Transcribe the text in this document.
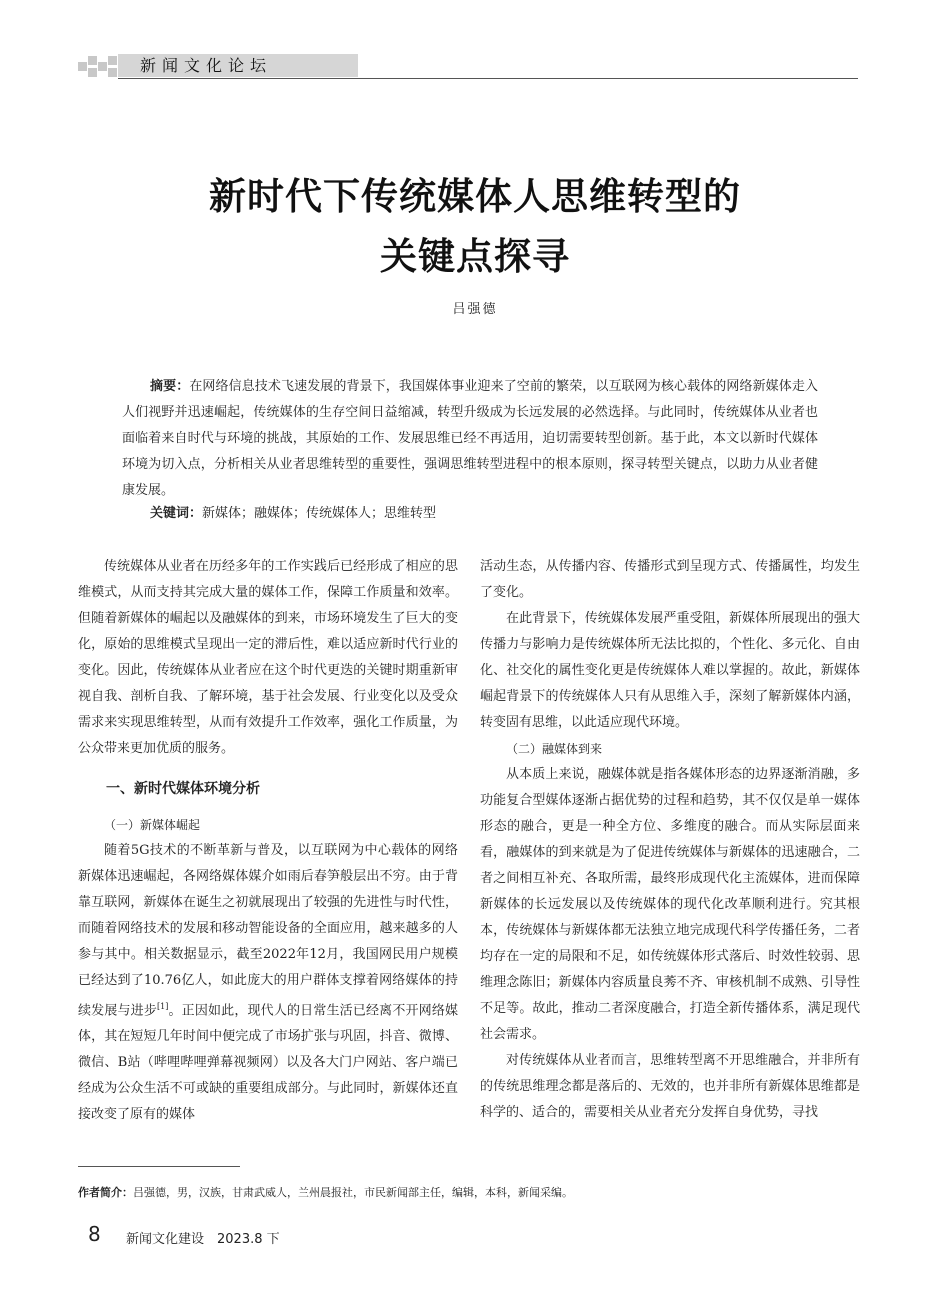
新闻文化论坛
新时代下传统媒体人思维转型的
关键点探寻
吕强德

摘要：在网络信息技术飞速发展的背景下，我国媒体事业迎来了空前的繁荣，以互联网为核心载体的网络新媒体走入人们视野并迅速崛起，传统媒体的生存空间日益缩减，转型升级成为长远发展的必然选择。与此同时，传统媒体从业者也面临着来自时代与环境的挑战，其原始的工作、发展思维已经不再适用，迫切需要转型创新。基于此，本文以新时代媒体环境为切入点，分析相关从业者思维转型的重要性，强调思维转型进程中的根本原则，探寻转型关键点，以助力从业者健康发展。

关键词：新媒体；融媒体；传统媒体人；思维转型

传统媒体从业者在历经多年的工作实践后已经形成了相应的思维模式，从而支持其完成大量的媒体工作，保障工作质量和效率。但随着新媒体的崛起以及融媒体的到来，市场环境发生了巨大的变化，原始的思维模式呈现出一定的滞后性，难以适应新时代行业的变化。因此，传统媒体从业者应在这个时代更迭的关键时期重新审视自我、剖析自我、了解环境，基于社会发展、行业变化以及受众需求来实现思维转型，从而有效提升工作效率，强化工作质量，为公众带来更加优质的服务。

一、新时代媒体环境分析
（一）新媒体崛起

随着5G技术的不断革新与普及，以互联网为中心载体的网络新媒体迅速崛起，各网络媒体媒介如雨后春笋般层出不穷。由于背靠互联网，新媒体在诞生之初就展现出了较强的先进性与时代性，而随着网络技术的发展和移动智能设备的全面应用，越来越多的人参与其中。相关数据显示，截至2022年12月，我国网民用户规模已经达到了10.76亿人，如此庞大的用户群体支撑着网络媒体的持续发展与进步[1]。正因如此，现代人的日常生活已经离不开网络媒体，其在短短几年时间中便完成了市场扩张与巩固，抖音、微博、微信、B站（哔哩哔哩弹幕视频网）以及各大门户网站、客户端已经成为公众生活不可或缺的重要组成部分。与此同时，新媒体还直接改变了原有的媒体

活动生态，从传播内容、传播形式到呈现方式、传播属性，均发生了变化。

在此背景下，传统媒体发展严重受阻，新媒体所展现出的强大传播力与影响力是传统媒体所无法比拟的，个性化、多元化、自由化、社交化的属性变化更是传统媒体人难以掌握的。故此，新媒体崛起背景下的传统媒体人只有从思维入手，深刻了解新媒体内涵，转变固有思维，以此适应现代环境。

（二）融媒体到来

从本质上来说，融媒体就是指各媒体形态的边界逐渐消融，多功能复合型媒体逐渐占据优势的过程和趋势，其不仅仅是单一媒体形态的融合，更是一种全方位、多维度的融合。而从实际层面来看，融媒体的到来就是为了促进传统媒体与新媒体的迅速融合，二者之间相互补充、各取所需，最终形成现代化主流媒体，进而保障新媒体的长远发展以及传统媒体的现代化改革顺利进行。究其根本，传统媒体与新媒体都无法独立地完成现代科学传播任务，二者均存在一定的局限和不足，如传统媒体形式落后、时效性较弱、思维理念陈旧；新媒体内容质量良莠不齐、审核机制不成熟、引导性不足等。故此，推动二者深度融合，打造全新传播体系，满足现代社会需求。

对传统媒体从业者而言，思维转型离不开思维融合，并非所有的传统思维理念都是落后的、无效的，也并非所有新媒体思维都是科学的、适合的，需要相关从业者充分发挥自身优势，寻找

作者简介：吕强德，男，汉族，甘肃武威人，兰州晨报社，市民新闻部主任，编辑，本科，新闻采编。
8 新闻文化建设　2023.8 下
